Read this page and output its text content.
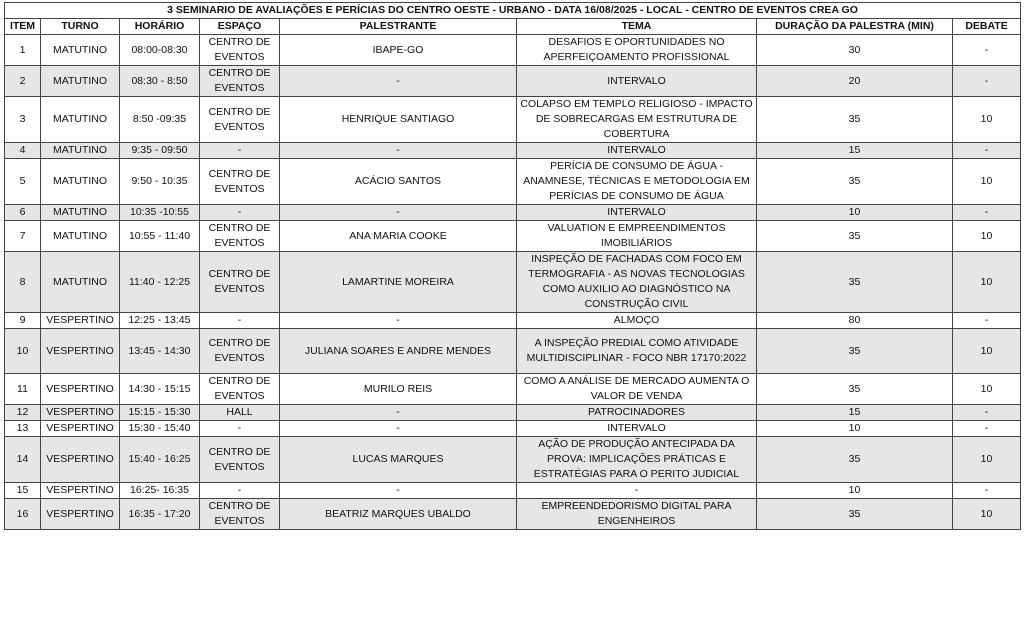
3 SEMINARIO DE AVALIAÇÕES E PERÍCIAS DO CENTRO OESTE - URBANO - DATA 16/08/2025 - LOCAL - CENTRO DE EVENTOS CREA GO							
ITEM	TURNO	HORÁRIO	ESPAÇO	PALESTRANTE	TEMA	DURAÇÃO DA PALESTRA (MIN)	DEBATE
1	MATUTINO	08:00-08:30	CENTRO DE EVENTOS	IBAPE-GO	DESAFIOS E OPORTUNIDADES NO APERFEIÇOAMENTO PROFISSIONAL	30	-
2	MATUTINO	08:30 - 8:50	CENTRO DE EVENTOS	-	INTERVALO	20	-
3	MATUTINO	8:50 -09:35	CENTRO DE EVENTOS	HENRIQUE SANTIAGO	COLAPSO EM TEMPLO RELIGIOSO - IMPACTO DE SOBRECARGAS EM ESTRUTURA DE COBERTURA	35	10
4	MATUTINO	9:35 - 09:50	-	-	INTERVALO	15	-
5	MATUTINO	9:50 - 10:35	CENTRO DE EVENTOS	ACÁCIO SANTOS	PERÍCIA DE CONSUMO DE ÁGUA - ANAMNESE, TÉCNICAS E METODOLOGIA EM PERÍCIAS DE CONSUMO DE ÁGUA	35	10
6	MATUTINO	10:35 -10:55	-	-	INTERVALO	10	-
7	MATUTINO	10:55 - 11:40	CENTRO DE EVENTOS	ANA MARIA COOKE	VALUATION E EMPREENDIMENTOS IMOBILIÁRIOS	35	10
8	MATUTINO	11:40 - 12:25	CENTRO DE EVENTOS	LAMARTINE MOREIRA	INSPEÇÃO DE FACHADAS COM FOCO EM TERMOGRAFIA - AS NOVAS TECNOLOGIAS COMO AUXILIO AO DIAGNÓSTICO NA CONSTRUÇÃO CIVIL	35	10
9	VESPERTINO	12:25 - 13:45	-	-	ALMOÇO	80	-
10	VESPERTINO	13:45 - 14:30	CENTRO DE EVENTOS	JULIANA SOARES E ANDRE MENDES	A INSPEÇÃO PREDIAL COMO ATIVIDADE MULTIDISCIPLINAR - FOCO NBR 17170:2022	35	10
11	VESPERTINO	14:30 - 15:15	CENTRO DE EVENTOS	MURILO REIS	COMO A ANÁLISE DE MERCADO AUMENTA O VALOR DE VENDA	35	10
12	VESPERTINO	15:15 - 15:30	HALL	-	PATROCINADORES	15	-
13	VESPERTINO	15:30 - 15:40	-	-	INTERVALO	10	-
14	VESPERTINO	15:40 - 16:25	CENTRO DE EVENTOS	LUCAS MARQUES	AÇÃO DE PRODUÇÃO ANTECIPADA DA PROVA: IMPLICAÇÕES PRÁTICAS E ESTRATÉGIAS PARA O PERITO JUDICIAL	35	10
15	VESPERTINO	16:25- 16:35	-	-	-	10	-
16	VESPERTINO	16:35 - 17:20	CENTRO DE EVENTOS	BEATRIZ MARQUES UBALDO	EMPREENDEDORISMO DIGITAL PARA ENGENHEIROS	35	10
